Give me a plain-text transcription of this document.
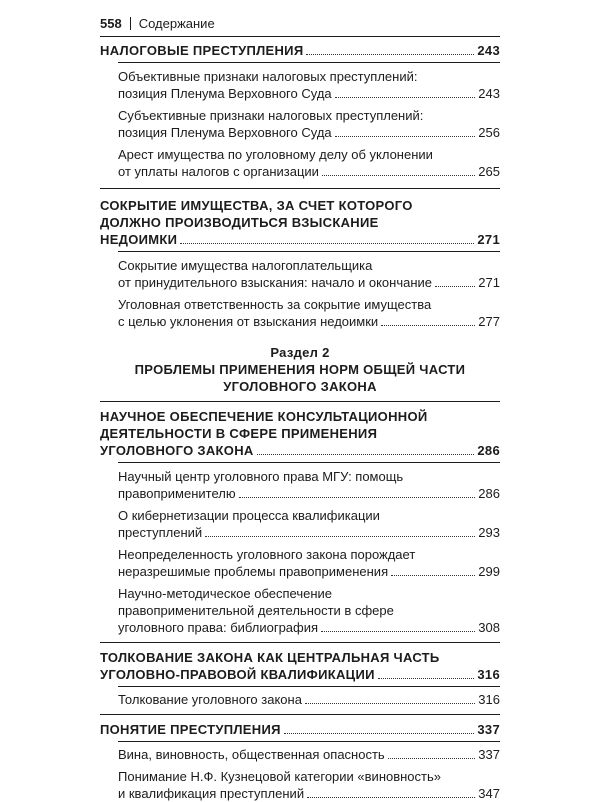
558 Содержание
НАЛОГОВЫЕ ПРЕСТУПЛЕНИЯ	243
Объективные признаки налоговых преступлений:
позиция Пленума Верховного Суда	243
Субъективные признаки налоговых преступлений:
позиция Пленума Верховного Суда	256
Арест имущества по уголовному делу об уклонении
от уплаты налогов с организации	265
СОКРЫТИЕ ИМУЩЕСТВА, ЗА СЧЕТ КОТОРОГО
ДОЛЖНО ПРОИЗВОДИТЬСЯ ВЗЫСКАНИЕ
НЕДОИМКИ	271
Сокрытие имущества налогоплательщика
от принудительного взыскания: начало и окончание	271
Уголовная ответственность за сокрытие имущества
с целью уклонения от взыскания недоимки	277
Раздел 2
ПРОБЛЕМЫ ПРИМЕНЕНИЯ НОРМ ОБЩЕЙ ЧАСТИ
УГОЛОВНОГО ЗАКОНА
НАУЧНОЕ ОБЕСПЕЧЕНИЕ КОНСУЛЬТАЦИОННОЙ
ДЕЯТЕЛЬНОСТИ В СФЕРЕ ПРИМЕНЕНИЯ
УГОЛОВНОГО ЗАКОНА	286
Научный центр уголовного права МГУ: помощь
правоприменителю	286
О кибернетизации процесса квалификации
преступлений	293
Неопределенность уголовного закона порождает
неразрешимые проблемы правоприменения	299
Научно-методическое обеспечение
правоприменительной деятельности в сфере
уголовного права: библиография	308
ТОЛКОВАНИЕ ЗАКОНА КАК ЦЕНТРАЛЬНАЯ ЧАСТЬ
УГОЛОВНО-ПРАВОВОЙ КВАЛИФИКАЦИИ	316
Толкование уголовного закона	316
ПОНЯТИЕ ПРЕСТУПЛЕНИЯ	337
Вина, виновность, общественная опасность	337
Понимание Н.Ф. Кузнецовой категории «виновность»
и квалификация преступлений	347
